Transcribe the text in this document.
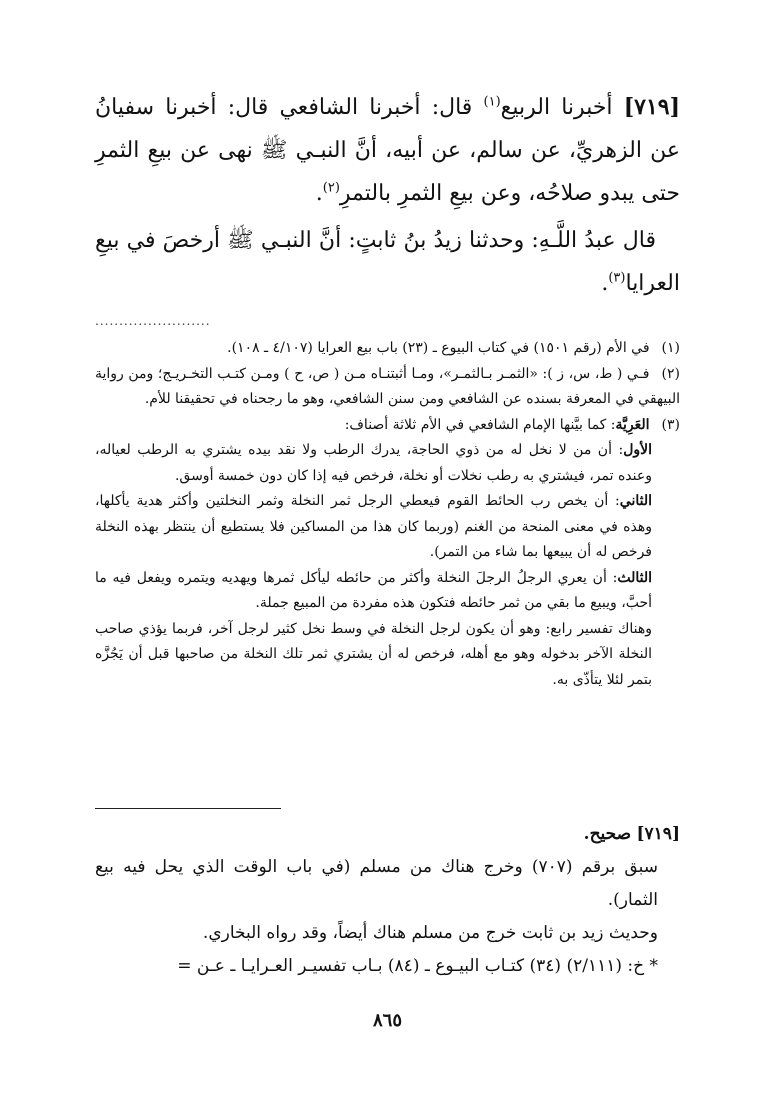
[٧١٩] أخبرنا الربيع$^{(١)}$ قال: أخبرنا الشافعي قال: أخبرنا سفيانُ عن الزهريِّ، عن سالم، عن أبيه، أنَّ النبـي ﷺ نهى عن بيعِ الثمرِ حتى يبدو صلاحُه، وعن بيعِ الثمرِ بالتمرِ$^{(٢)}$.

قال عبدُ اللَّـهِ: وحدثنا زيدُ بنُ ثابتٍ: أنَّ النبـي ﷺ أرخصَ في بيعِ العرايا$^{(٣)}$.

........................

(١) في الأم (رقم ١٥٠١) في كتاب البيوع ـ (٢٣) باب بيع العرايا (٤/١٠٧ ـ ١٠٨).

(٢) فـي ( ط، س، ز ): «الثمـر بـالثمـر»، ومـا أثبتنـاه مـن ( ص، ح ) ومـن كتـب التخـريـج؛ ومن رواية البيهقي في المعرفة بسنده عن الشافعي ومن سنن الشافعي، وهو ما رجحناه في تحقيقنا للأم.

(٣) العَرِيَّة: كما بيَّنها الإمام الشافعي في الأم ثلاثة أصناف:

الأول: أن من لا نخل له من ذوي الحاجة، يدرك الرطب ولا نقد بيده يشتري به الرطب لعياله، وعنده تمر، فيشتري به رطب نخلات أو نخلة، فرخص فيه إذا كان دون خمسة أوسق.

الثاني: أن يخص رب الحائط القوم فيعطي الرجل ثمر النخلة وثمر النخلتين وأكثر هدية يأكلها، وهذه في معنى المنحة من الغنم (وربما كان هذا من المساكين فلا يستطيع أن ينتظر بهذه النخلة فرخص له أن يبيعها بما شاء من التمر).

الثالث: أن يعري الرجلُ الرجلَ النخلة وأكثر من حائطه ليأكل ثمرها ويهديه ويتمره ويفعل فيه ما أحبَّ، ويبيع ما بقي من ثمر حائطه فتكون هذه مفردة من المبيع جملة.

وهناك تفسير رابع: وهو أن يكون لرجل النخلة في وسط نخل كثير لرجل آخر، فربما يؤذي صاحب النخلة الآخر بدخوله وهو مع أهله، فرخص له أن يشتري ثمر تلك النخلة من صاحبها قبل أن يَجُزَّه بتمر لئلا يتأذّى به.

[٧١٩] صحيح.

سبق برقم (٧٠٧) وخرج هناك من مسلم (في باب الوقت الذي يحل فيه بيع الثمار).

وحديث زيد بن ثابت خرج من مسلم هناك أيضاً، وقد رواه البخاري.

* خ: (٢/١١١) (٣٤) كتـاب البيـوع ـ (٨٤) بـاب تفسيـر العـرايـا ـ عـن =

٨٦٥
